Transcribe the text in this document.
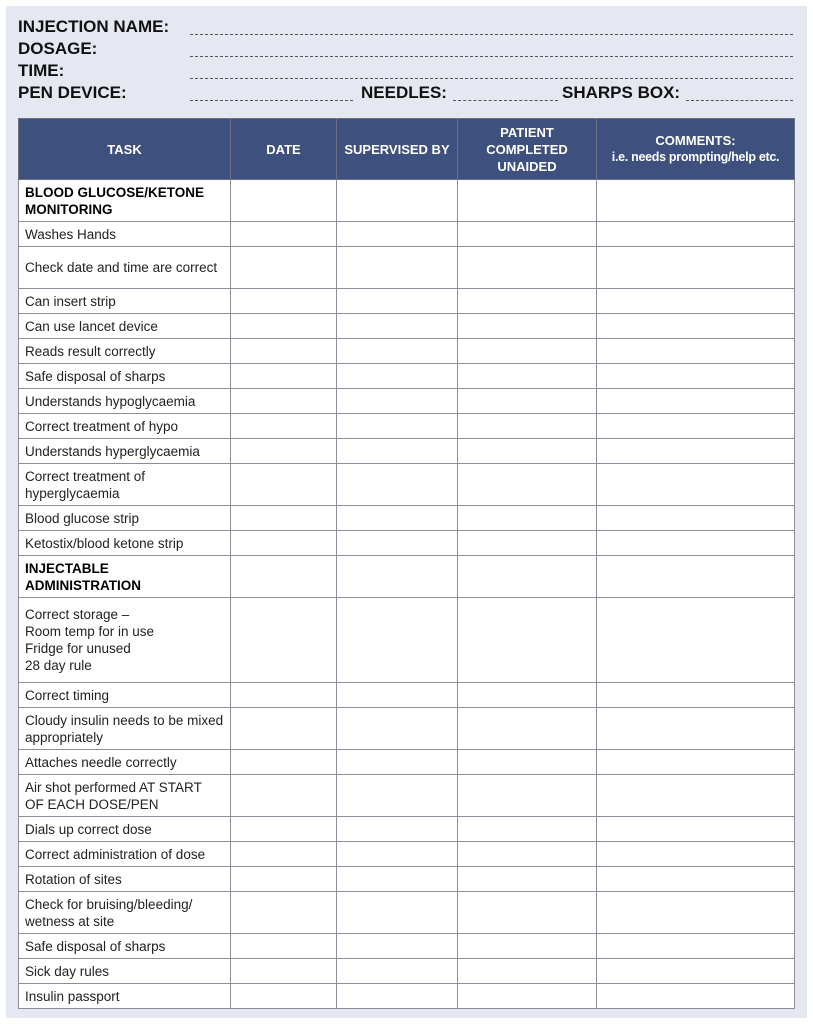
INJECTION NAME:
DOSAGE:
TIME:
PEN DEVICE:	NEEDLES:	SHARPS BOX:
TASK	DATE	SUPERVISED BY	PATIENT COMPLETED UNAIDED	COMMENTS:
i.e. needs prompting/help etc.

BLOOD GLUCOSE/KETONE MONITORING				
Washes Hands				
Check date and time are correct				
Can insert strip				
Can use lancet device				
Reads result correctly				
Safe disposal of sharps				
Understands hypoglycaemia				
Correct treatment of hypo				
Understands hyperglycaemia				
Correct treatment of hyperglycaemia				
Blood glucose strip				
Ketostix/blood ketone strip				
INJECTABLE ADMINISTRATION				
Correct storage –
Room temp for in use
Fridge for unused
28 day rule				
Correct timing				
Cloudy insulin needs to be mixed appropriately				
Attaches needle correctly				
Air shot performed AT START OF EACH DOSE/PEN				
Dials up correct dose				
Correct administration of dose				
Rotation of sites				
Check for bruising/bleeding/ wetness at site				
Safe disposal of sharps				
Sick day rules				
Insulin passport				
